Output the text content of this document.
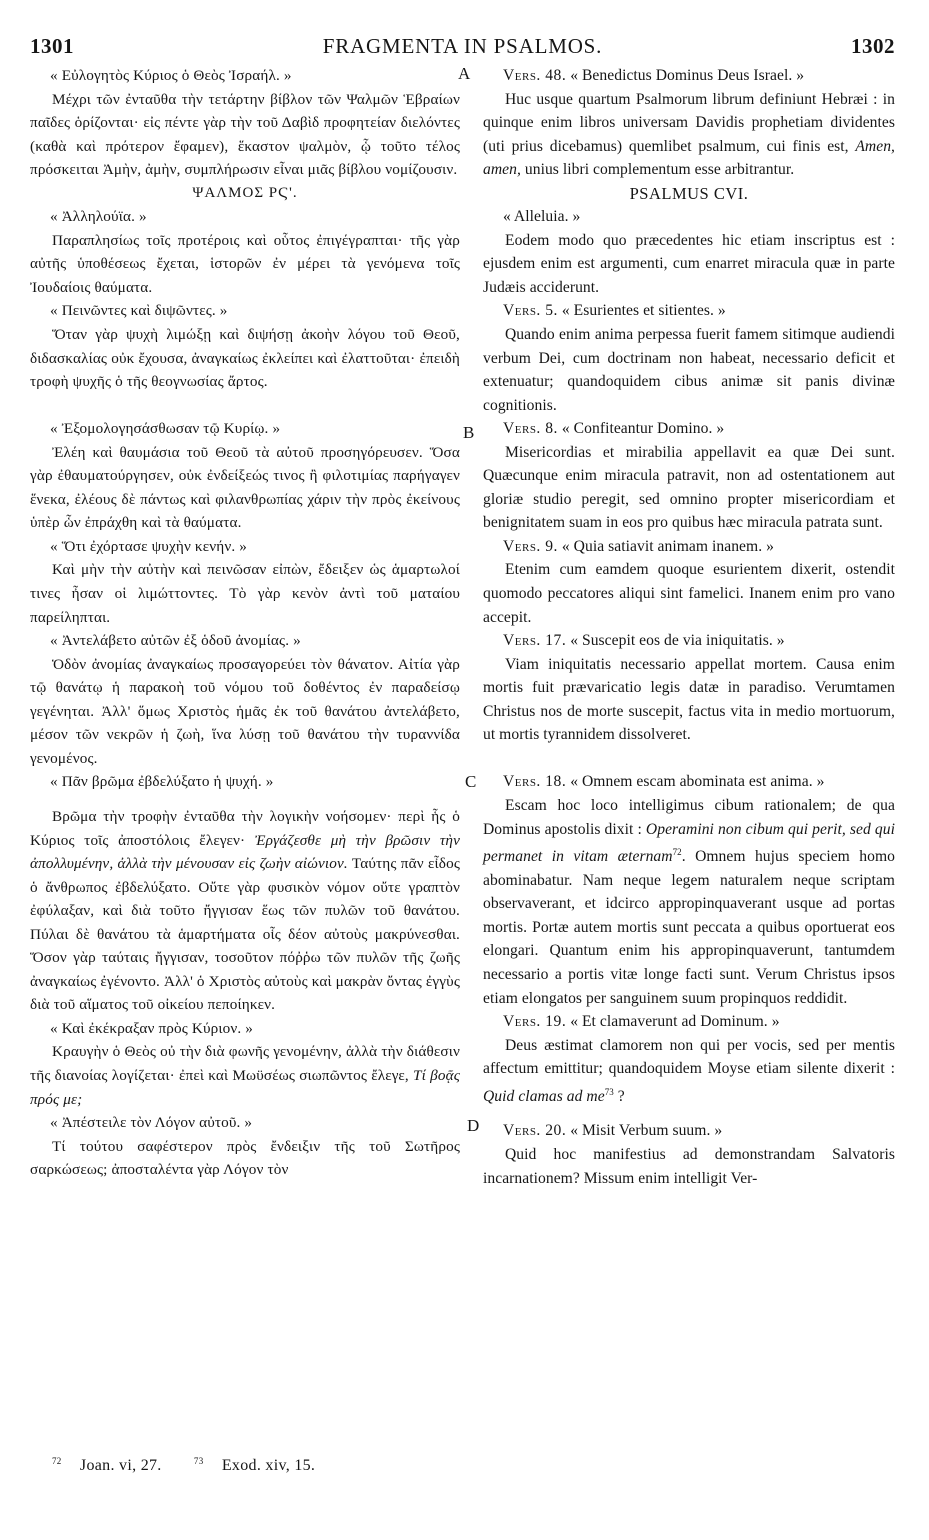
1301	FRAGMENTA IN PSALMOS.	1302
A
B
C
D

« Εὐλογητὸς Κύριος ὁ Θεὸς Ἰσραήλ. »

Μέχρι τῶν ἐνταῦθα τὴν τετάρτην βίβλον τῶν Ψαλμῶν Ἑβραίων παῖδες ὁρίζονται· εἰς πέντε γὰρ τὴν τοῦ Δαβὶδ προφητείαν διελόντες (καθὰ καὶ πρότερον ἔφαμεν), ἕκαστον ψαλμὸν, ᾧ τοῦτο τέλος πρόσκειται Ἀμὴν, ἀμὴν, συμπλήρωσιν εἶναι μιᾶς βίβλου νομίζουσιν.

ΨΑΛΜΟΣ ΡϚ'.

« Ἀλληλούϊα. »

Παραπλησίως τοῖς προτέροις καὶ οὗτος ἐπιγέγραπται· τῆς γὰρ αὐτῆς ὑποθέσεως ἔχεται, ἱστορῶν ἐν μέρει τὰ γενόμενα τοῖς Ἰουδαίοις θαύματα.

« Πεινῶντες καὶ διψῶντες. »

Ὅταν γὰρ ψυχὴ λιμώξῃ καὶ διψήσῃ ἀκοὴν λόγου τοῦ Θεοῦ, διδασκαλίας οὐκ ἔχουσα, ἀναγκαίως ἐκλείπει καὶ ἐλαττοῦται· ἐπειδὴ τροφὴ ψυχῆς ὁ τῆς θεογνωσίας ἄρτος.

« Ἐξομολογησάσθωσαν τῷ Κυρίῳ. »

Ἐλέη καὶ θαυμάσια τοῦ Θεοῦ τὰ αὐτοῦ προσηγόρευσεν. Ὅσα γὰρ ἐθαυματούργησεν, οὐκ ἐνδείξεώς τινος ἢ φιλοτιμίας παρήγαγεν ἕνεκα, ἐλέους δὲ πάντως καὶ φιλανθρωπίας χάριν τὴν πρὸς ἐκείνους ὑπὲρ ὧν ἐπράχθη καὶ τὰ θαύματα.

« Ὅτι ἐχόρτασε ψυχὴν κενήν. »

Καὶ μὴν τὴν αὐτὴν καὶ πεινῶσαν εἰπὼν, ἔδειξεν ὡς ἁμαρτωλοί τινες ἦσαν οἱ λιμώττοντες. Τὸ γὰρ κενὸν ἀντὶ τοῦ ματαίου παρείληπται.

« Ἀντελάβετο αὐτῶν ἐξ ὁδοῦ ἀνομίας. »

Ὁδὸν ἀνομίας ἀναγκαίως προσαγορεύει τὸν θάνατον. Αἰτία γὰρ τῷ θανάτῳ ἡ παρακοὴ τοῦ νόμου τοῦ δοθέντος ἐν παραδείσῳ γεγένηται. Ἀλλ' ὅμως Χριστὸς ἡμᾶς ἐκ τοῦ θανάτου ἀντελάβετο, μέσον τῶν νεκρῶν ἡ ζωὴ, ἵνα λύσῃ τοῦ θανάτου τὴν τυραννίδα γενομένος.

« Πᾶν βρῶμα ἐβδελύξατο ἡ ψυχή. »

Βρῶμα τὴν τροφὴν ἐνταῦθα τὴν λογικὴν νοήσομεν· περὶ ἧς ὁ Κύριος τοῖς ἀποστόλοις ἔλεγεν· Ἐργάζεσθε μὴ τὴν βρῶσιν τὴν ἀπολλυμένην, ἀλλὰ τὴν μένουσαν εἰς ζωὴν αἰώνιον. Ταύτης πᾶν εἶδος ὁ ἄνθρωπος ἐβδελύξατο. Οὔτε γὰρ φυσικὸν νόμον οὔτε γραπτὸν ἐφύλαξαν, καὶ διὰ τοῦτο ἤγγισαν ἕως τῶν πυλῶν τοῦ θανάτου. Πύλαι δὲ θανάτου τὰ ἁμαρτήματα οἷς δέον αὐτοὺς μακρύνεσθαι. Ὅσον γὰρ ταύταις ἤγγισαν, τοσοῦτον πόῤῥω τῶν πυλῶν τῆς ζωῆς ἀναγκαίως ἐγένοντο. Ἀλλ' ὁ Χριστὸς αὐτοὺς καὶ μακρὰν ὄντας ἐγγὺς διὰ τοῦ αἵματος τοῦ οἰκείου πεποίηκεν.

« Καὶ ἐκέκραξαν πρὸς Κύριον. »

Κραυγὴν ὁ Θεὸς οὐ τὴν διὰ φωνῆς γενομένην, ἀλλὰ τὴν διάθεσιν τῆς διανοίας λογίζεται· ἐπεὶ καὶ Μωϋσέως σιωπῶντος ἔλεγε, Τί βοᾷς πρός με;

« Ἀπέστειλε τὸν Λόγον αὐτοῦ. »

Τί τούτου σαφέστερον πρὸς ἔνδειξιν τῆς τοῦ Σωτῆρος σαρκώσεως; ἀποσταλέντα γὰρ Λόγον τὸν

Vers. 48. « Benedictus Dominus Deus Israel. »

Huc usque quartum Psalmorum librum definiunt Hebræi : in quinque enim libros universam Davidis prophetiam dividentes (uti prius dicebamus) quemlibet psalmum, cui finis est, Amen, amen, unius libri complementum esse arbitrantur.

PSALMUS CVI.

« Alleluia. »

Eodem modo quo præcedentes hic etiam inscriptus est : ejusdem enim est argumenti, cum enarret miracula quæ in parte Judæis acciderunt.

Vers. 5. « Esurientes et sitientes. »

Quando enim anima perpessa fuerit famem sitimque audiendi verbum Dei, cum doctrinam non habeat, necessario deficit et extenuatur; quandoquidem cibus animæ sit panis divinæ cognitionis.

Vers. 8. « Confiteantur Domino. »

Misericordias et mirabilia appellavit ea quæ Dei sunt. Quæcunque enim miracula patravit, non ad ostentationem aut gloriæ studio peregit, sed omnino propter misericordiam et benignitatem suam in eos pro quibus hæc miracula patrata sunt.

Vers. 9. « Quia satiavit animam inanem. »

Etenim cum eamdem quoque esurientem dixerit, ostendit quomodo peccatores aliqui sint famelici. Inanem enim pro vano accepit.

Vers. 17. « Suscepit eos de via iniquitatis. »

Viam iniquitatis necessario appellat mortem. Causa enim mortis fuit prævaricatio legis datæ in paradiso. Verumtamen Christus nos de morte suscepit, factus vita in medio mortuorum, ut mortis tyrannidem dissolveret.

Vers. 18. « Omnem escam abominata est anima. »

Escam hoc loco intelligimus cibum rationalem; de qua Dominus apostolis dixit : Operamini non cibum qui perit, sed qui permanet in vitam æternam$^{72}$. Omnem hujus speciem homo abominabatur. Nam neque legem naturalem neque scriptam observaverant, et idcirco appropinquaverant usque ad portas mortis. Portæ autem mortis sunt peccata a quibus oportuerat eos elongari. Quantum enim his appropinquaverunt, tantumdem necessario a portis vitæ longe facti sunt. Verum Christus ipsos etiam elongatos per sanguinem suum propinquos reddidit.

Vers. 19. « Et clamaverunt ad Dominum. »

Deus æstimat clamorem non qui per vocis, sed per mentis affectum emittitur; quandoquidem Moyse etiam silente dixerit : Quid clamas ad $me^{73}$ ?

Vers. 20. « Misit Verbum suum. »

Quid hoc manifestius ad demonstrandam Salvatoris incarnationem? Missum enim intelligit Ver-

$^{72}$ Joan. vi, 27.	$^{73}$ Exod. xiv, 15.
